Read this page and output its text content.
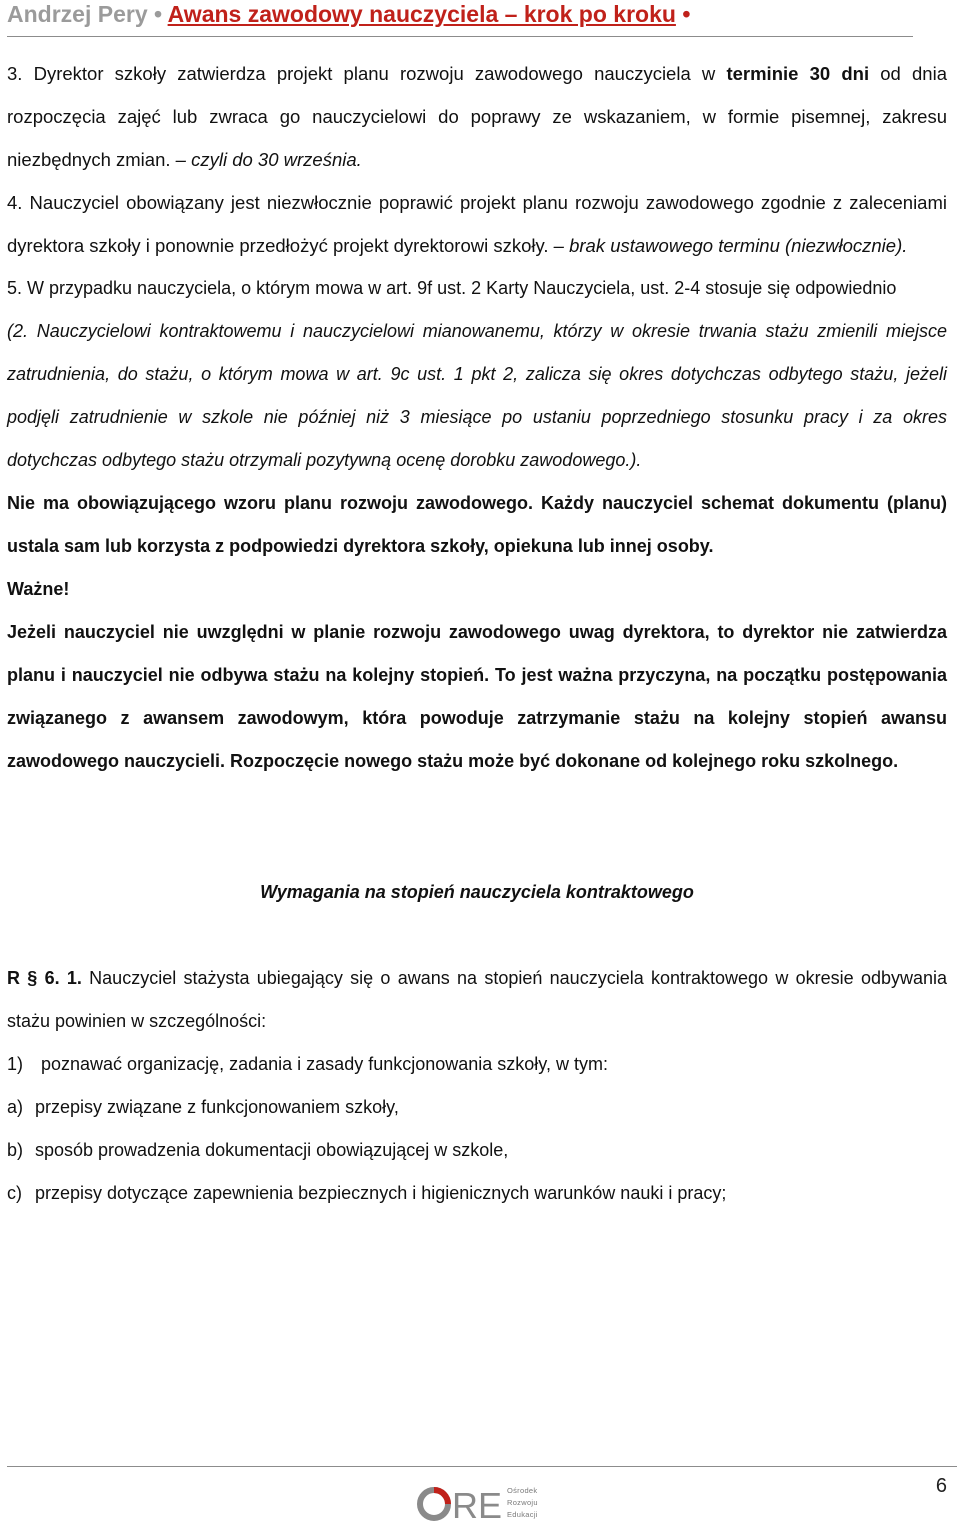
Andrzej Pery • Awans zawodowy nauczyciela – krok po kroku •

3. Dyrektor szkoły zatwierdza projekt planu rozwoju zawodowego nauczyciela w terminie 30 dni od dnia rozpoczęcia zajęć lub zwraca go nauczycielowi do poprawy ze wskazaniem, w formie pisemnej, zakresu niezbędnych zmian. – czyli do 30 września.

4. Nauczyciel obowiązany jest niezwłocznie poprawić projekt planu rozwoju zawodowego zgodnie z zaleceniami dyrektora szkoły i ponownie przedłożyć projekt dyrektorowi szkoły. – brak ustawowego terminu (niezwłocznie).

5. W przypadku nauczyciela, o którym mowa w art. 9f ust. 2 Karty Nauczyciela, ust. 2-4 stosuje się odpowiednio

(2. Nauczycielowi kontraktowemu i nauczycielowi mianowanemu, którzy w okresie trwania stażu zmienili miejsce zatrudnienia, do stażu, o którym mowa w art. 9c ust. 1 pkt 2, zalicza się okres dotychczas odbytego stażu, jeżeli podjęli zatrudnienie w szkole nie później niż 3 miesiące po ustaniu poprzedniego stosunku pracy i za okres dotychczas odbytego stażu otrzymali pozytywną ocenę dorobku zawodowego.).

Nie ma obowiązującego wzoru planu rozwoju zawodowego. Każdy nauczyciel schemat dokumentu (planu) ustala sam lub korzysta z podpowiedzi dyrektora szkoły, opiekuna lub innej osoby.

Ważne!

Jeżeli nauczyciel nie uwzględni w planie rozwoju zawodowego uwag dyrektora, to dyrektor nie zatwierdza planu i nauczyciel nie odbywa stażu na kolejny stopień. To jest ważna przyczyna, na początku postępowania związanego z awansem zawodowym, która powoduje zatrzymanie stażu na kolejny stopień awansu zawodowego nauczycieli. Rozpoczęcie nowego stażu może być dokonane od kolejnego roku szkolnego.

Wymagania na stopień nauczyciela kontraktowego

R § 6. 1. Nauczyciel stażysta ubiegający się o awans na stopień nauczyciela kontraktowego w okresie odbywania stażu powinien w szczególności:

1) poznawać organizację, zadania i zasady funkcjonowania szkoły, w tym:

a) przepisy związane z funkcjonowaniem szkoły,

b) sposób prowadzenia dokumentacji obowiązującej w szkole,

c) przepisy dotyczące zapewnienia bezpiecznych i higienicznych warunków nauki i pracy;

6
RE Ośrodek
Rozwoju
Edukacji
